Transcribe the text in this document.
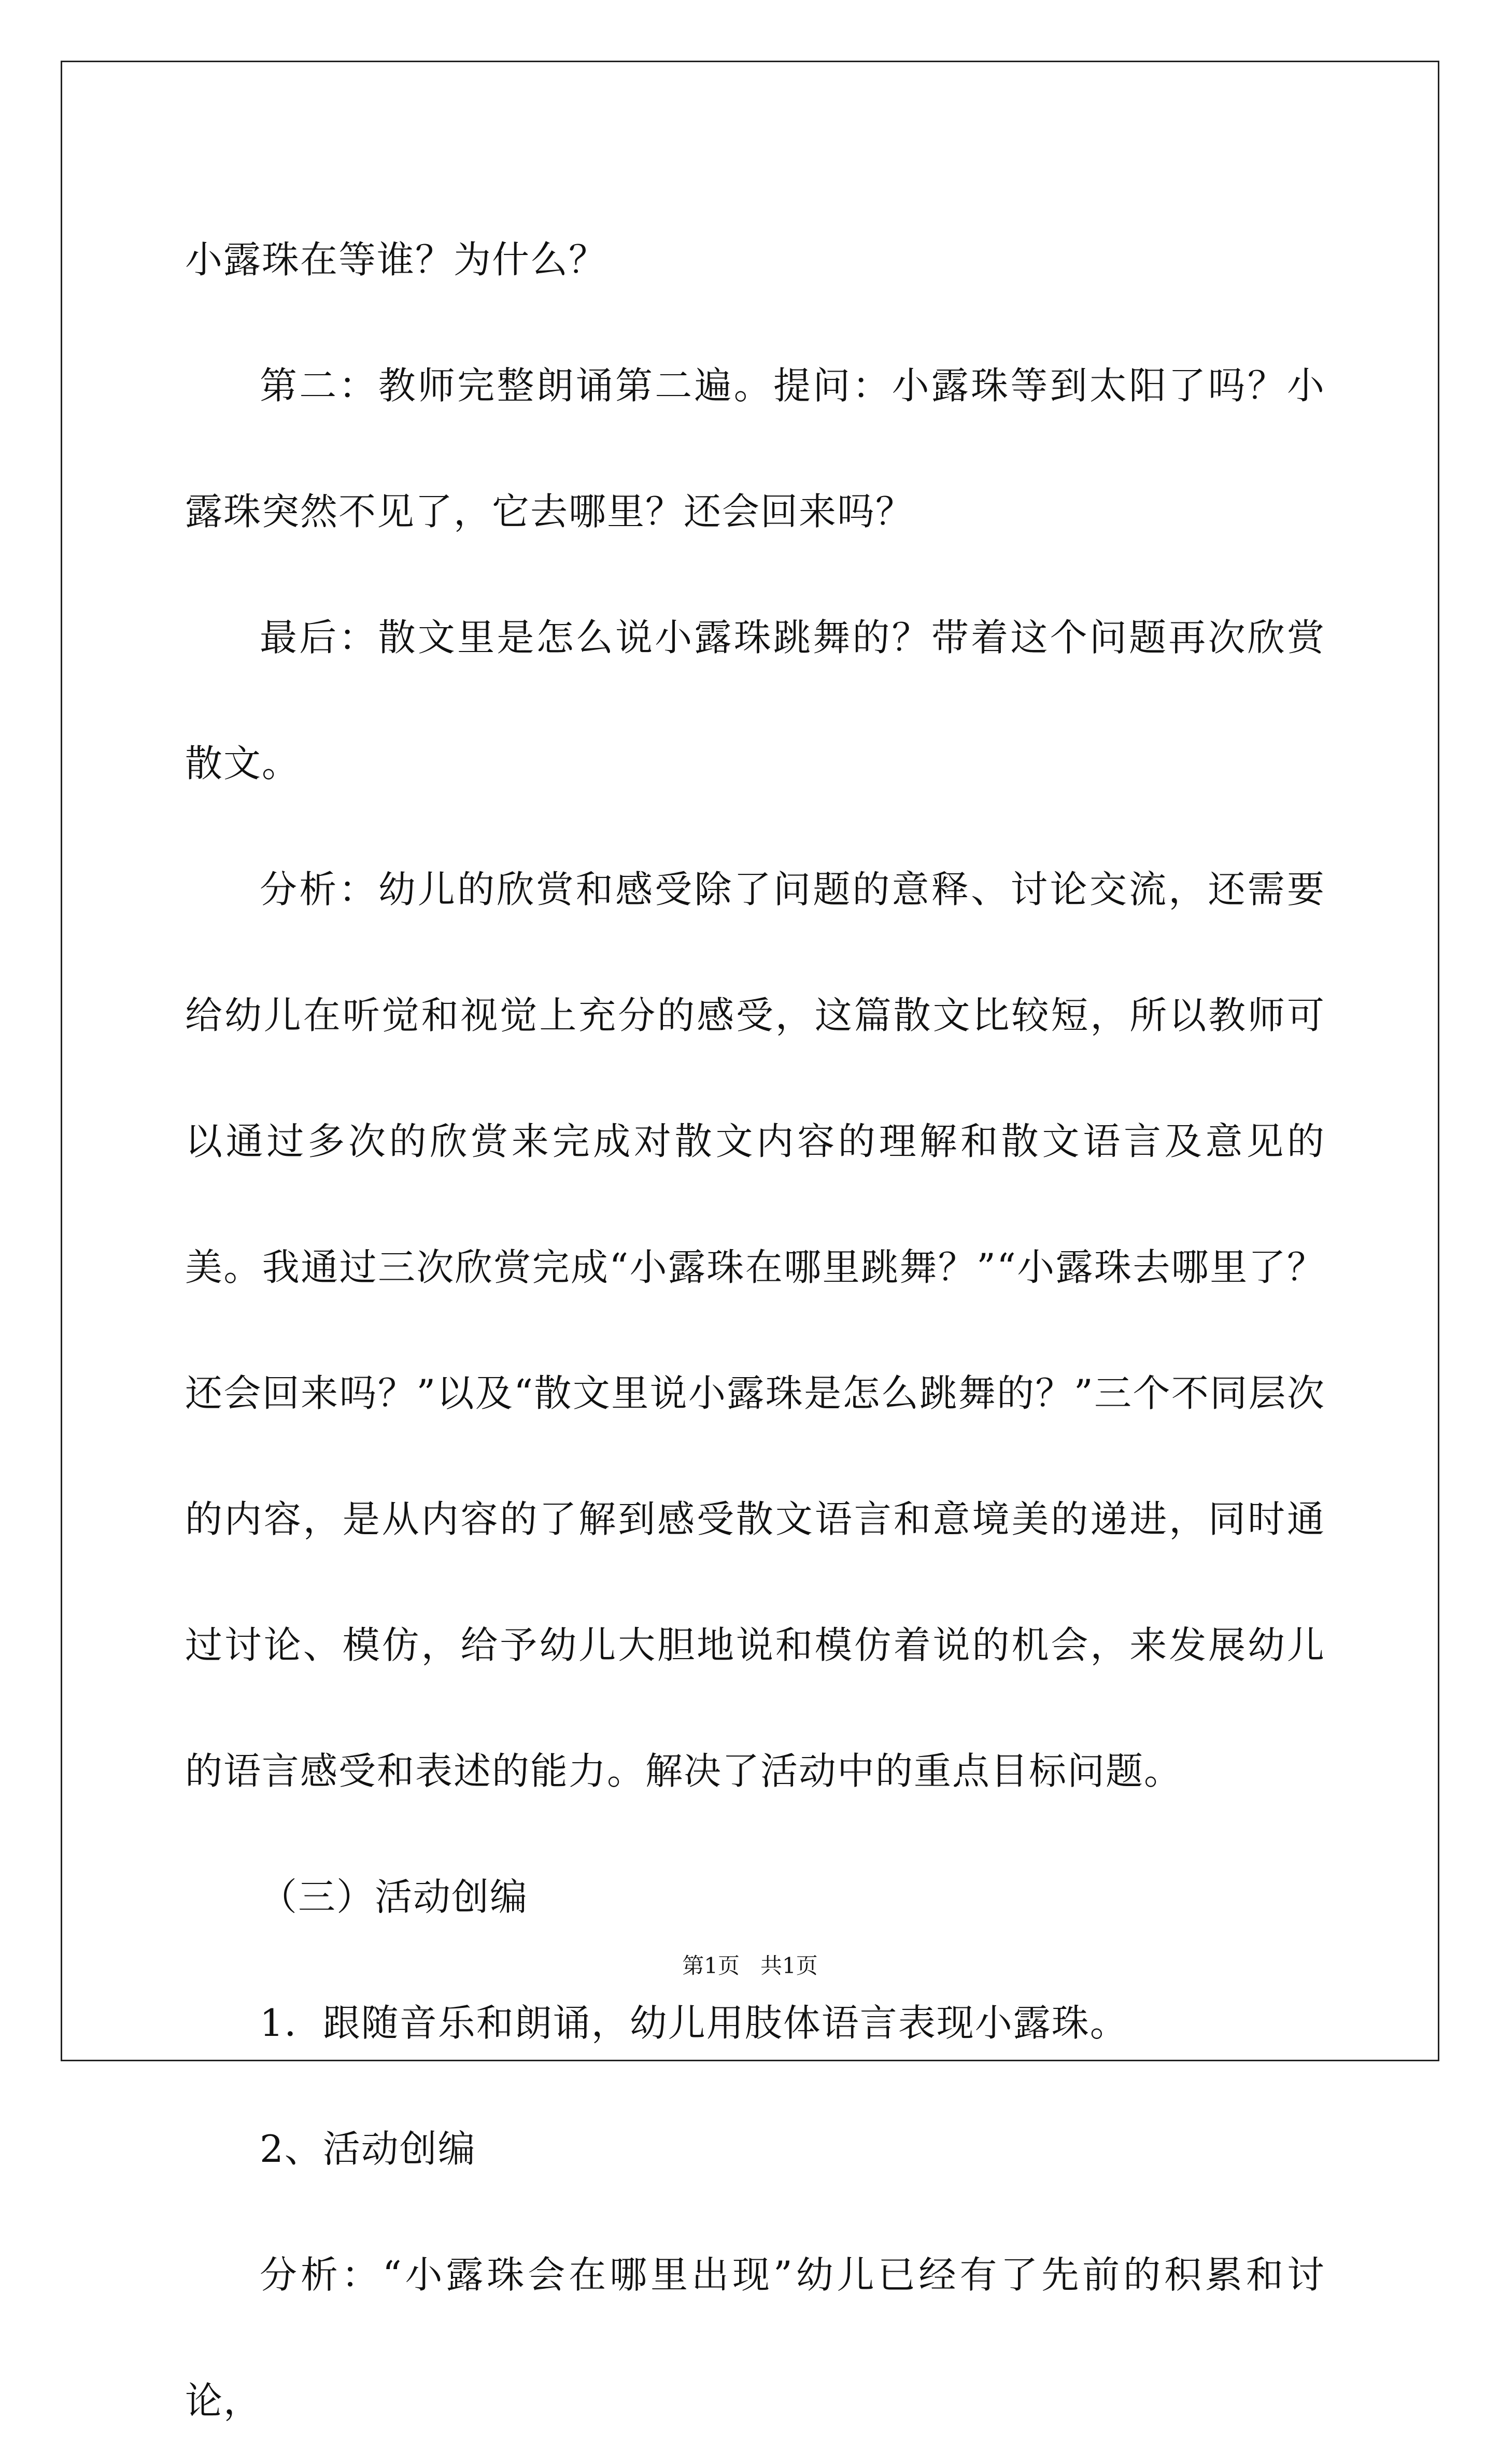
小露珠在等谁？为什么？

第二：教师完整朗诵第二遍。提问：小露珠等到太阳了吗？小露珠突然不见了，它去哪里？还会回来吗？

最后：散文里是怎么说小露珠跳舞的？带着这个问题再次欣赏散文。

分析：幼儿的欣赏和感受除了问题的意释、讨论交流，还需要给幼儿在听觉和视觉上充分的感受，这篇散文比较短，所以教师可以通过多次的欣赏来完成对散文内容的理解和散文语言及意见的美。我通过三次欣赏完成“小露珠在哪里跳舞？”“小露珠去哪里了？还会回来吗？”以及“散文里说小露珠是怎么跳舞的？”三个不同层次的内容，是从内容的了解到感受散文语言和意境美的递进，同时通过讨论、模仿，给予幼儿大胆地说和模仿着说的机会，来发展幼儿的语言感受和表述的能力。解决了活动中的重点目标问题。

（三）活动创编

1．跟随音乐和朗诵，幼儿用肢体语言表现小露珠。

2、活动创编

分析：“小露珠会在哪里出现”幼儿已经有了先前的积累和讨论，

第1页   共1页
